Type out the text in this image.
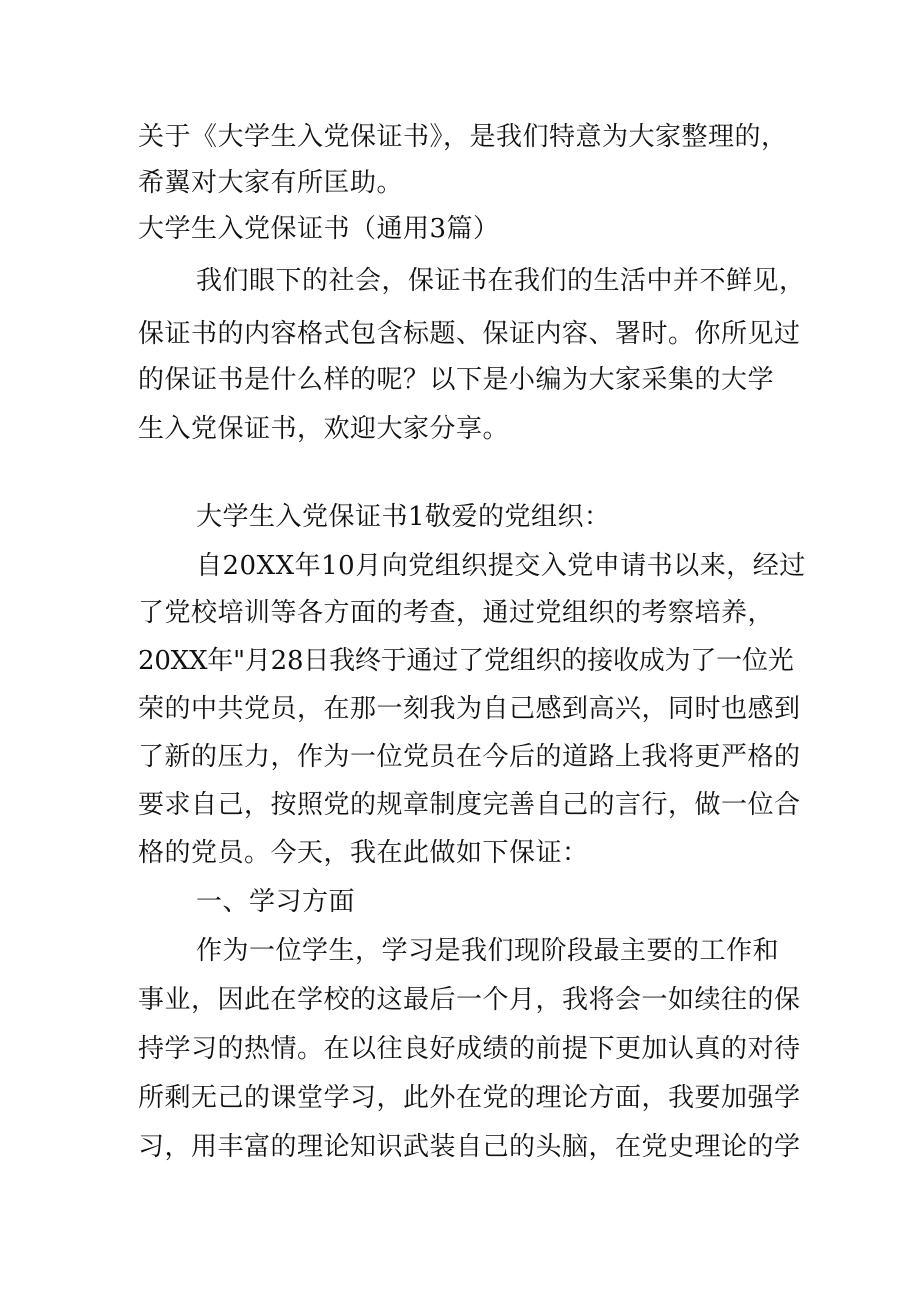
关于《大学生入党保证书》，是我们特意为大家整理的，
希翼对大家有所匡助。
大学生入党保证书（通用3篇）
我们眼下的社会，保证书在我们的生活中并不鲜见，
保证书的内容格式包含标题、保证内容、署时。你所见过
的保证书是什么样的呢？以下是小编为大家采集的大学
生入党保证书，欢迎大家分享。
大学生入党保证书1敬爱的党组织：
自20XX年10月向党组织提交入党申请书以来，经过
了党校培训等各方面的考查，通过党组织的考察培养，
20XX年"月28日我终于通过了党组织的接收成为了一位光
荣的中共党员，在那一刻我为自己感到高兴，同时也感到
了新的压力，作为一位党员在今后的道路上我将更严格的
要求自己，按照党的规章制度完善自己的言行，做一位合
格的党员。今天，我在此做如下保证：
一、学习方面
作为一位学生，学习是我们现阶段最主要的工作和
事业，因此在学校的这最后一个月，我将会一如续往的保
持学习的热情。在以往良好成绩的前提下更加认真的对待
所剩无己的课堂学习，此外在党的理论方面，我要加强学
习，用丰富的理论知识武装自己的头脑，在党史理论的学
